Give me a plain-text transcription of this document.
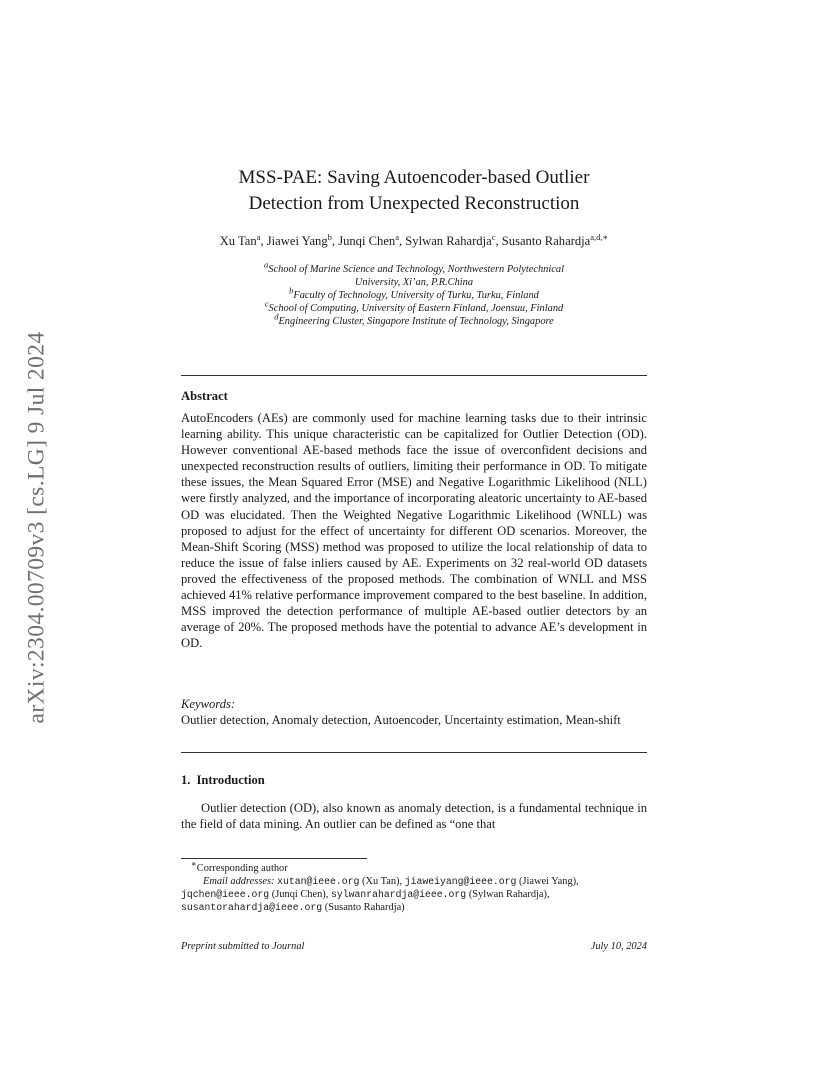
arXiv:2304.00709v3 [cs.LG] 9 Jul 2024
MSS-PAE: Saving Autoencoder-based Outlier
Detection from Unexpected Reconstruction
Xu Tan$^a$, Jiawei Yang$^b$, Junqi Chen$^a$, Sylwan Rahardja$^c$, Susanto Rahardja$^{a,d,∗}$
$^a$School of Marine Science and Technology, Northwestern Polytechnical
University, Xi’an, P.R.China
$^b$Faculty of Technology, University of Turku, Turku, Finland
$^c$School of Computing, University of Eastern Finland, Joensuu, Finland
$^d$Engineering Cluster, Singapore Institute of Technology, Singapore
Abstract
AutoEncoders (AEs) are commonly used for machine learning tasks due to their intrinsic learning ability. This unique characteristic can be capitalized for Outlier Detection (OD). However conventional AE-based methods face the issue of overconfident decisions and unexpected reconstruction results of outliers, limiting their performance in OD. To mitigate these issues, the Mean Squared Error (MSE) and Negative Logarithmic Likelihood (NLL) were firstly analyzed, and the importance of incorporating aleatoric uncertainty to AE-based OD was elucidated. Then the Weighted Negative Logarithmic Likelihood (WNLL) was proposed to adjust for the effect of uncertainty for different OD scenarios. Moreover, the Mean-Shift Scoring (MSS) method was proposed to utilize the local relationship of data to reduce the issue of false inliers caused by AE. Experiments on 32 real-world OD datasets proved the effectiveness of the proposed methods. The combination of WNLL and MSS achieved 41% relative performance improvement compared to the best baseline. In addition, MSS improved the detection performance of multiple AE-based outlier detectors by an average of 20%. The proposed methods have the potential to advance AE’s development in OD.
Keywords:
Outlier detection, Anomaly detection, Autoencoder, Uncertainty estimation, Mean-shift
1. Introduction
Outlier detection (OD), also known as anomaly detection, is a fundamental technique in the field of data mining. An outlier can be defined as “one that
∗Corresponding author
Email addresses: xutan@ieee.org (Xu Tan), jiaweiyang@ieee.org (Jiawei Yang), jqchen@ieee.org (Junqi Chen), sylwanrahardja@ieee.org (Sylwan Rahardja), susantorahardja@ieee.org (Susanto Rahardja)
Preprint submitted to Journal	July 10, 2024
